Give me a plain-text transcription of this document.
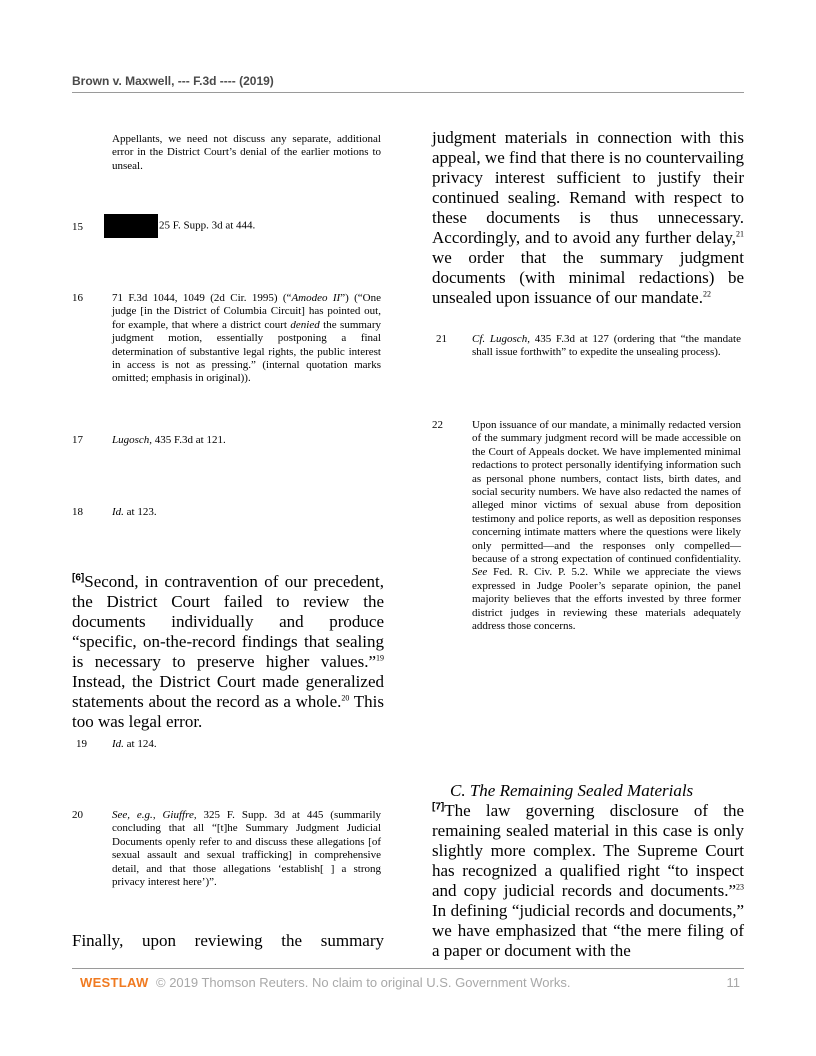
Brown v. Maxwell, --- F.3d ---- (2019)
Appellants, we need not discuss any separate, additional error in the District Court’s denial of the earlier motions to unseal.
15	25 F. Supp. 3d at 444.
16	71 F.3d 1044, 1049 (2d Cir. 1995) (“Amodeo II”) (“One judge [in the District of Columbia Circuit] has pointed out, for example, that where a district court denied the summary judgment motion, essentially postponing a final determination of substantive legal rights, the public interest in access is not as pressing.” (internal quotation marks omitted; emphasis in original)).
17	Lugosch, 435 F.3d at 121.
18	Id. at 123.
[6]Second, in contravention of our precedent, the District Court failed to review the documents individually and produce “specific, on-the-record findings that sealing is necessary to preserve higher values.”$^{19}$ Instead, the District Court made generalized statements about the record as a whole.$^{20}$ This too was legal error.
19 Id. at 124.
20	See, e.g., Giuffre, 325 F. Supp. 3d at 445 (summarily concluding that all “[t]he Summary Judgment Judicial Documents openly refer to and discuss these allegations [of sexual assault and sexual trafficking] in comprehensive detail, and that those allegations ‘establish[ ] a strong privacy interest here’)”.
Finally, upon reviewing the summary
judgment materials in connection with this appeal, we find that there is no countervailing privacy interest sufficient to justify their continued sealing. Remand with respect to these documents is thus unnecessary. Accordingly, and to avoid any further delay,$^{21}$ we order that the summary judgment documents (with minimal redactions) be unsealed upon issuance of our mandate.$^{22}$
21 Cf. Lugosch, 435 F.3d at 127 (ordering that “the mandate shall issue forthwith” to expedite the unsealing process).
22	Upon issuance of our mandate, a minimally redacted version of the summary judgment record will be made accessible on the Court of Appeals docket. We have implemented minimal redactions to protect personally identifying information such as personal phone numbers, contact lists, birth dates, and social security numbers. We have also redacted the names of alleged minor victims of sexual abuse from deposition testimony and police reports, as well as deposition responses concerning intimate matters where the questions were likely only permitted—and the responses only compelled—because of a strong expectation of continued confidentiality. See Fed. R. Civ. P. 5.2. While we appreciate the views expressed in Judge Pooler’s separate opinion, the panel majority believes that the efforts invested by three former district judges in reviewing these materials adequately address those concerns.
C. The Remaining Sealed Materials
[7]The law governing disclosure of the remaining sealed material in this case is only slightly more complex. The Supreme Court has recognized a qualified right “to inspect and copy judicial records and documents.”$^{23}$ In defining “judicial records and documents,” we have emphasized that “the mere filing of a paper or document with the
WESTLAW © 2019 Thomson Reuters. No claim to original U.S. Government Works.	11
